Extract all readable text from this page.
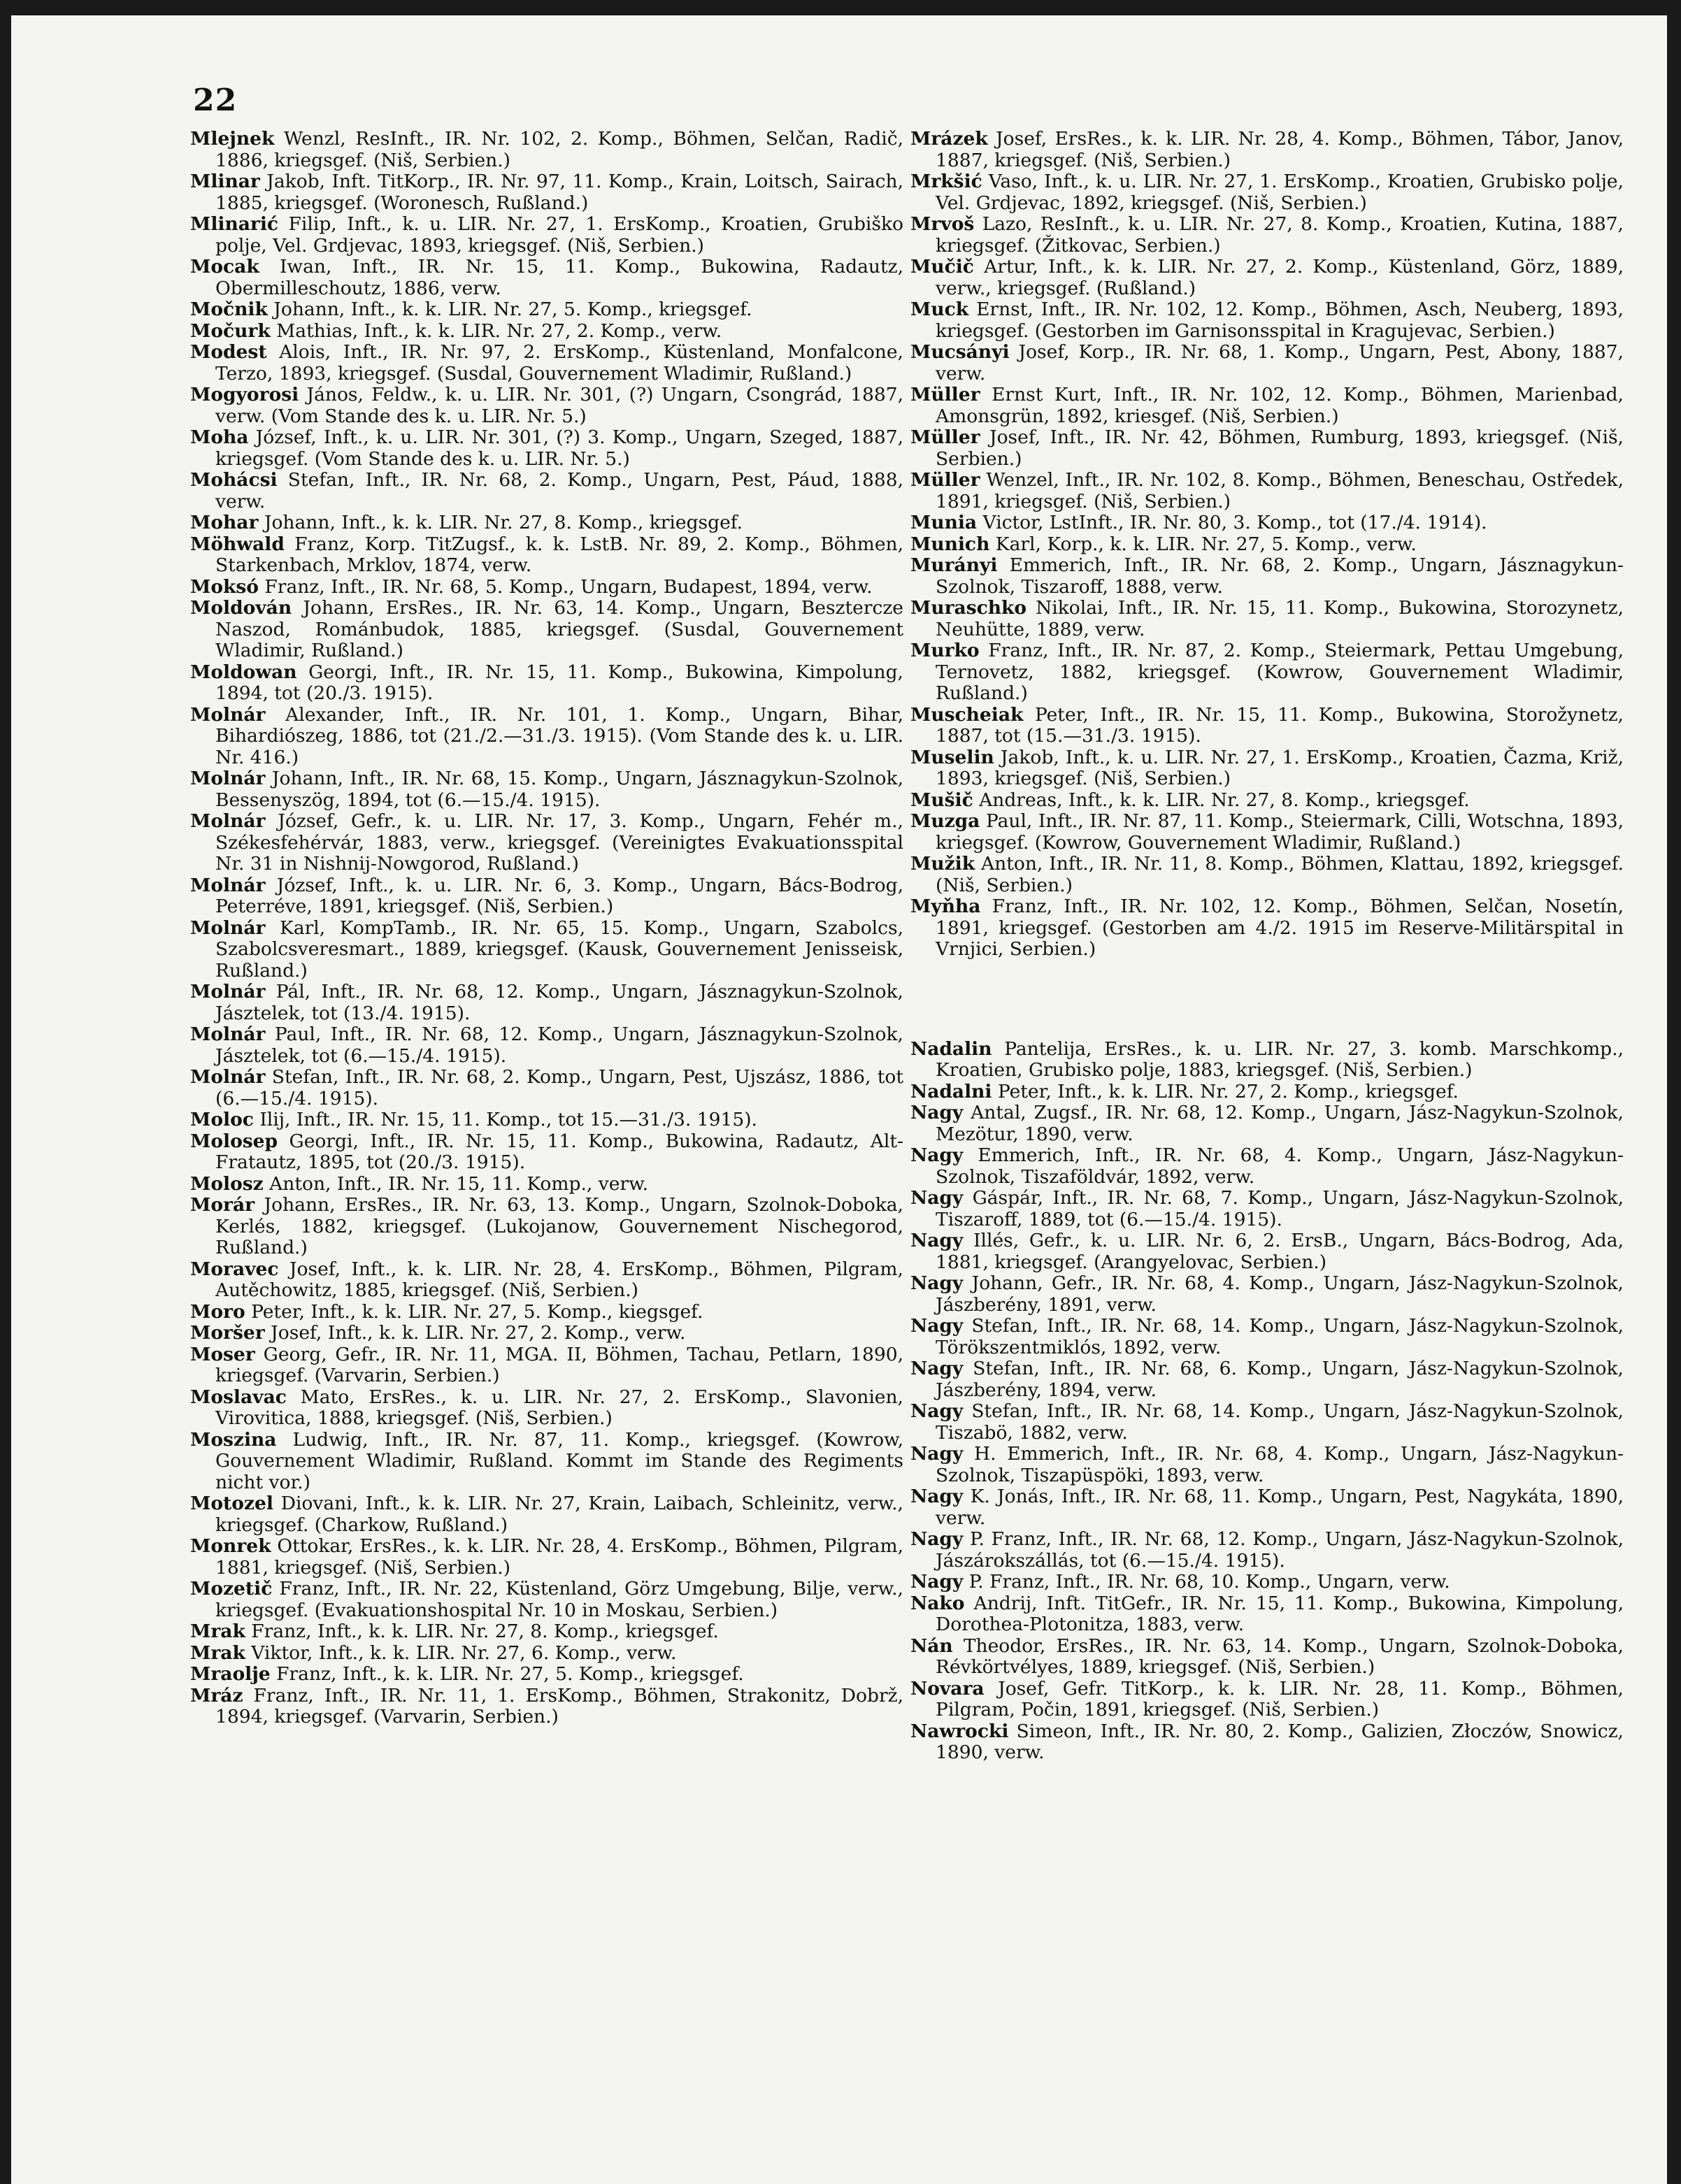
22
Mlejnek Wenzl, ResInft., IR. Nr. 102, 2. Komp., Böhmen, Selčan, Radič, 1886, kriegsgef. (Niš, Serbien.)
Mlinar Jakob, Inft. TitKorp., IR. Nr. 97, 11. Komp., Krain, Loitsch, Sairach, 1885, kriegsgef. (Woronesch, Rußland.)
Mlinarić Filip, Inft., k. u. LIR. Nr. 27, 1. ErsKomp., Kroatien, Grubiško polje, Vel. Grdjevac, 1893, kriegsgef. (Niš, Serbien.)
Mocak Iwan, Inft., IR. Nr. 15, 11. Komp., Bukowina, Radautz, Obermilleschoutz, 1886, verw.
Močnik Johann, Inft., k. k. LIR. Nr. 27, 5. Komp., kriegsgef.
Močurk Mathias, Inft., k. k. LIR. Nr. 27, 2. Komp., verw.
Modest Alois, Inft., IR. Nr. 97, 2. ErsKomp., Küstenland, Monfalcone, Terzo, 1893, kriegsgef. (Susdal, Gouvernement Wladimir, Rußland.)
Mogyorosi János, Feldw., k. u. LIR. Nr. 301, (?) Ungarn, Csongrád, 1887, verw. (Vom Stande des k. u. LIR. Nr. 5.)
Moha József, Inft., k. u. LIR. Nr. 301, (?) 3. Komp., Ungarn, Szeged, 1887, kriegsgef. (Vom Stande des k. u. LIR. Nr. 5.)
Mohácsi Stefan, Inft., IR. Nr. 68, 2. Komp., Ungarn, Pest, Páud, 1888, verw.
Mohar Johann, Inft., k. k. LIR. Nr. 27, 8. Komp., kriegsgef.
Möhwald Franz, Korp. TitZugsf., k. k. LstB. Nr. 89, 2. Komp., Böhmen, Starkenbach, Mrklov, 1874, verw.
Moksó Franz, Inft., IR. Nr. 68, 5. Komp., Ungarn, Budapest, 1894, verw.
Moldován Johann, ErsRes., IR. Nr. 63, 14. Komp., Ungarn, Besztercze Naszod, Románbudok, 1885, kriegsgef. (Susdal, Gouvernement Wladimir, Rußland.)
Moldowan Georgi, Inft., IR. Nr. 15, 11. Komp., Bukowina, Kimpolung, 1894, tot (20./3. 1915).
Molnár Alexander, Inft., IR. Nr. 101, 1. Komp., Ungarn, Bihar, Bihardiószeg, 1886, tot (21./2.—31./3. 1915). (Vom Stande des k. u. LIR. Nr. 416.)
Molnár Johann, Inft., IR. Nr. 68, 15. Komp., Ungarn, Jásznagykun-Szolnok, Bessenyszög, 1894, tot (6.—15./4. 1915).
Molnár József, Gefr., k. u. LIR. Nr. 17, 3. Komp., Ungarn, Fehér m., Székesfehérvár, 1883, verw., kriegsgef. (Vereinigtes Evakuationsspital Nr. 31 in Nishnij-Nowgorod, Rußland.)
Molnár József, Inft., k. u. LIR. Nr. 6, 3. Komp., Ungarn, Bács-Bodrog, Peterréve, 1891, kriegsgef. (Niš, Serbien.)
Molnár Karl, KompTamb., IR. Nr. 65, 15. Komp., Ungarn, Szabolcs, Szabolcsveresmart., 1889, kriegsgef. (Kausk, Gouvernement Jenisseisk, Rußland.)
Molnár Pál, Inft., IR. Nr. 68, 12. Komp., Ungarn, Jásznagykun-Szolnok, Jásztelek, tot (13./4. 1915).
Molnár Paul, Inft., IR. Nr. 68, 12. Komp., Ungarn, Jásznagykun-Szolnok, Jásztelek, tot (6.—15./4. 1915).
Molnár Stefan, Inft., IR. Nr. 68, 2. Komp., Ungarn, Pest, Ujszász, 1886, tot (6.—15./4. 1915).
Moloc Ilij, Inft., IR. Nr. 15, 11. Komp., tot 15.—31./3. 1915).
Molosep Georgi, Inft., IR. Nr. 15, 11. Komp., Bukowina, Radautz, Alt-Fratautz, 1895, tot (20./3. 1915).
Molosz Anton, Inft., IR. Nr. 15, 11. Komp., verw.
Morár Johann, ErsRes., IR. Nr. 63, 13. Komp., Ungarn, Szolnok-Doboka, Kerlés, 1882, kriegsgef. (Lukojanow, Gouvernement Nischegorod, Rußland.)
Moravec Josef, Inft., k. k. LIR. Nr. 28, 4. ErsKomp., Böhmen, Pilgram, Autěchowitz, 1885, kriegsgef. (Niš, Serbien.)
Moro Peter, Inft., k. k. LIR. Nr. 27, 5. Komp., kiegsgef.
Moršer Josef, Inft., k. k. LIR. Nr. 27, 2. Komp., verw.
Moser Georg, Gefr., IR. Nr. 11, MGA. II, Böhmen, Tachau, Petlarn, 1890, kriegsgef. (Varvarin, Serbien.)
Moslavac Mato, ErsRes., k. u. LIR. Nr. 27, 2. ErsKomp., Slavonien, Virovitica, 1888, kriegsgef. (Niš, Serbien.)
Moszina Ludwig, Inft., IR. Nr. 87, 11. Komp., kriegsgef. (Kowrow, Gouvernement Wladimir, Rußland. Kommt im Stande des Regiments nicht vor.)
Motozel Diovani, Inft., k. k. LIR. Nr. 27, Krain, Laibach, Schleinitz, verw., kriegsgef. (Charkow, Rußland.)
Monrek Ottokar, ErsRes., k. k. LIR. Nr. 28, 4. ErsKomp., Böhmen, Pilgram, 1881, kriegsgef. (Niš, Serbien.)
Mozetič Franz, Inft., IR. Nr. 22, Küstenland, Görz Umgebung, Bilje, verw., kriegsgef. (Evakuationshospital Nr. 10 in Moskau, Serbien.)
Mrak Franz, Inft., k. k. LIR. Nr. 27, 8. Komp., kriegsgef.
Mrak Viktor, Inft., k. k. LIR. Nr. 27, 6. Komp., verw.
Mraolje Franz, Inft., k. k. LIR. Nr. 27, 5. Komp., kriegsgef.
Mráz Franz, Inft., IR. Nr. 11, 1. ErsKomp., Böhmen, Strakonitz, Dobrž, 1894, kriegsgef. (Varvarin, Serbien.)
Mrázek Josef, ErsRes., k. k. LIR. Nr. 28, 4. Komp., Böhmen, Tábor, Janov, 1887, kriegsgef. (Niš, Serbien.)
Mrkšić Vaso, Inft., k. u. LIR. Nr. 27, 1. ErsKomp., Kroatien, Grubisko polje, Vel. Grdjevac, 1892, kriegsgef. (Niš, Serbien.)
Mrvoš Lazo, ResInft., k. u. LIR. Nr. 27, 8. Komp., Kroatien, Kutina, 1887, kriegsgef. (Žitkovac, Serbien.)
Mučič Artur, Inft., k. k. LIR. Nr. 27, 2. Komp., Küstenland, Görz, 1889, verw., kriegsgef. (Rußland.)
Muck Ernst, Inft., IR. Nr. 102, 12. Komp., Böhmen, Asch, Neuberg, 1893, kriegsgef. (Gestorben im Garnisonsspital in Kragujevac, Serbien.)
Mucsányi Josef, Korp., IR. Nr. 68, 1. Komp., Ungarn, Pest, Abony, 1887, verw.
Müller Ernst Kurt, Inft., IR. Nr. 102, 12. Komp., Böhmen, Marienbad, Amonsgrün, 1892, kriesgef. (Niš, Serbien.)
Müller Josef, Inft., IR. Nr. 42, Böhmen, Rumburg, 1893, kriegsgef. (Niš, Serbien.)
Müller Wenzel, Inft., IR. Nr. 102, 8. Komp., Böhmen, Beneschau, Ostředek, 1891, kriegsgef. (Niš, Serbien.)
Munia Victor, LstInft., IR. Nr. 80, 3. Komp., tot (17./4. 1914).
Munich Karl, Korp., k. k. LIR. Nr. 27, 5. Komp., verw.
Murányi Emmerich, Inft., IR. Nr. 68, 2. Komp., Ungarn, Jásznagykun-Szolnok, Tiszaroff, 1888, verw.
Muraschko Nikolai, Inft., IR. Nr. 15, 11. Komp., Bukowina, Storozynetz, Neuhütte, 1889, verw.
Murko Franz, Inft., IR. Nr. 87, 2. Komp., Steiermark, Pettau Umgebung, Ternovetz, 1882, kriegsgef. (Kowrow, Gouvernement Wladimir, Rußland.)
Muscheiak Peter, Inft., IR. Nr. 15, 11. Komp., Bukowina, Storožynetz, 1887, tot (15.—31./3. 1915).
Muselin Jakob, Inft., k. u. LIR. Nr. 27, 1. ErsKomp., Kroatien, Čazma, Križ, 1893, kriegsgef. (Niš, Serbien.)
Mušič Andreas, Inft., k. k. LIR. Nr. 27, 8. Komp., kriegsgef.
Muzga Paul, Inft., IR. Nr. 87, 11. Komp., Steiermark, Cilli, Wotschna, 1893, kriegsgef. (Kowrow, Gouvernement Wladimir, Rußland.)
Mužik Anton, Inft., IR. Nr. 11, 8. Komp., Böhmen, Klattau, 1892, kriegsgef. (Niš, Serbien.)
Myňha Franz, Inft., IR. Nr. 102, 12. Komp., Böhmen, Selčan, Nosetín, 1891, kriegsgef. (Gestorben am 4./2. 1915 im Reserve-Militärspital in Vrnjici, Serbien.)
Nadalin Pantelija, ErsRes., k. u. LIR. Nr. 27, 3. komb. Marschkomp., Kroatien, Grubisko polje, 1883, kriegsgef. (Niš, Serbien.)
Nadalni Peter, Inft., k. k. LIR. Nr. 27, 2. Komp., kriegsgef.
Nagy Antal, Zugsf., IR. Nr. 68, 12. Komp., Ungarn, Jász-Nagykun-Szolnok, Mezötur, 1890, verw.
Nagy Emmerich, Inft., IR. Nr. 68, 4. Komp., Ungarn, Jász-Nagykun-Szolnok, Tiszaföldvár, 1892, verw.
Nagy Gáspár, Inft., IR. Nr. 68, 7. Komp., Ungarn, Jász-Nagykun-Szolnok, Tiszaroff, 1889, tot (6.—15./4. 1915).
Nagy Illés, Gefr., k. u. LIR. Nr. 6, 2. ErsB., Ungarn, Bács-Bodrog, Ada, 1881, kriegsgef. (Arangyelovac, Serbien.)
Nagy Johann, Gefr., IR. Nr. 68, 4. Komp., Ungarn, Jász-Nagykun-Szolnok, Jászberény, 1891, verw.
Nagy Stefan, Inft., IR. Nr. 68, 14. Komp., Ungarn, Jász-Nagykun-Szolnok, Törökszentmiklós, 1892, verw.
Nagy Stefan, Inft., IR. Nr. 68, 6. Komp., Ungarn, Jász-Nagykun-Szolnok, Jászberény, 1894, verw.
Nagy Stefan, Inft., IR. Nr. 68, 14. Komp., Ungarn, Jász-Nagykun-Szolnok, Tiszabö, 1882, verw.
Nagy H. Emmerich, Inft., IR. Nr. 68, 4. Komp., Ungarn, Jász-Nagykun-Szolnok, Tiszapüspöki, 1893, verw.
Nagy K. Jonás, Inft., IR. Nr. 68, 11. Komp., Ungarn, Pest, Nagykáta, 1890, verw.
Nagy P. Franz, Inft., IR. Nr. 68, 12. Komp., Ungarn, Jász-Nagykun-Szolnok, Jászárokszállás, tot (6.—15./4. 1915).
Nagy P. Franz, Inft., IR. Nr. 68, 10. Komp., Ungarn, verw.
Nako Andrij, Inft. TitGefr., IR. Nr. 15, 11. Komp., Bukowina, Kimpolung, Dorothea-Plotonitza, 1883, verw.
Nán Theodor, ErsRes., IR. Nr. 63, 14. Komp., Ungarn, Szolnok-Doboka, Révkörtvélyes, 1889, kriegsgef. (Niš, Serbien.)
Novara Josef, Gefr. TitKorp., k. k. LIR. Nr. 28, 11. Komp., Böhmen, Pilgram, Počin, 1891, kriegsgef. (Niš, Serbien.)
Nawrocki Simeon, Inft., IR. Nr. 80, 2. Komp., Galizien, Złoczów, Snowicz, 1890, verw.
